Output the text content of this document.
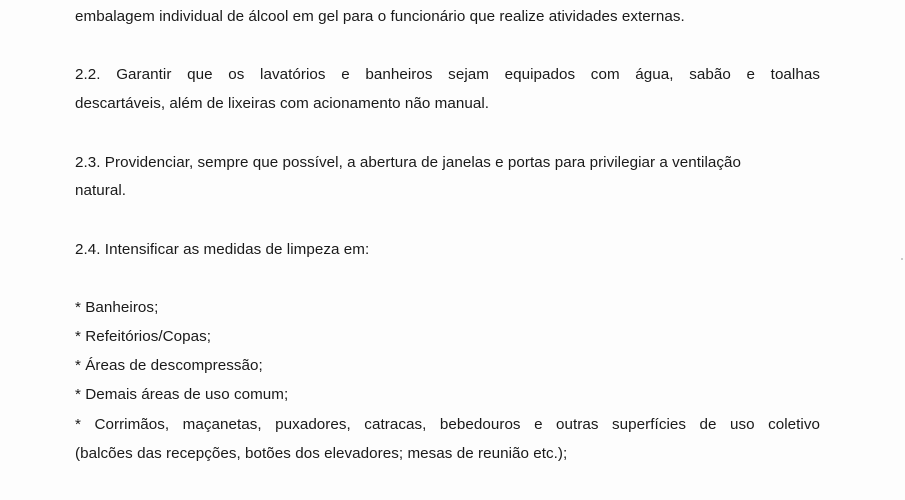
embalagem individual de álcool em gel para o funcionário que realize atividades externas.
2.2. Garantir que os lavatórios e banheiros sejam equipados com água, sabão e toalhas
descartáveis, além de lixeiras com acionamento não manual.
2.3. Providenciar, sempre que possível, a abertura de janelas e portas para privilegiar a ventilação
natural.
2.4. Intensificar as medidas de limpeza em:
* Banheiros;
* Refeitórios/Copas;
* Áreas de descompressão;
* Demais áreas de uso comum;
* Corrimãos, maçanetas, puxadores, catracas, bebedouros e outras superfícies de uso coletivo
(balcões das recepções, botões dos elevadores; mesas de reunião etc.);
